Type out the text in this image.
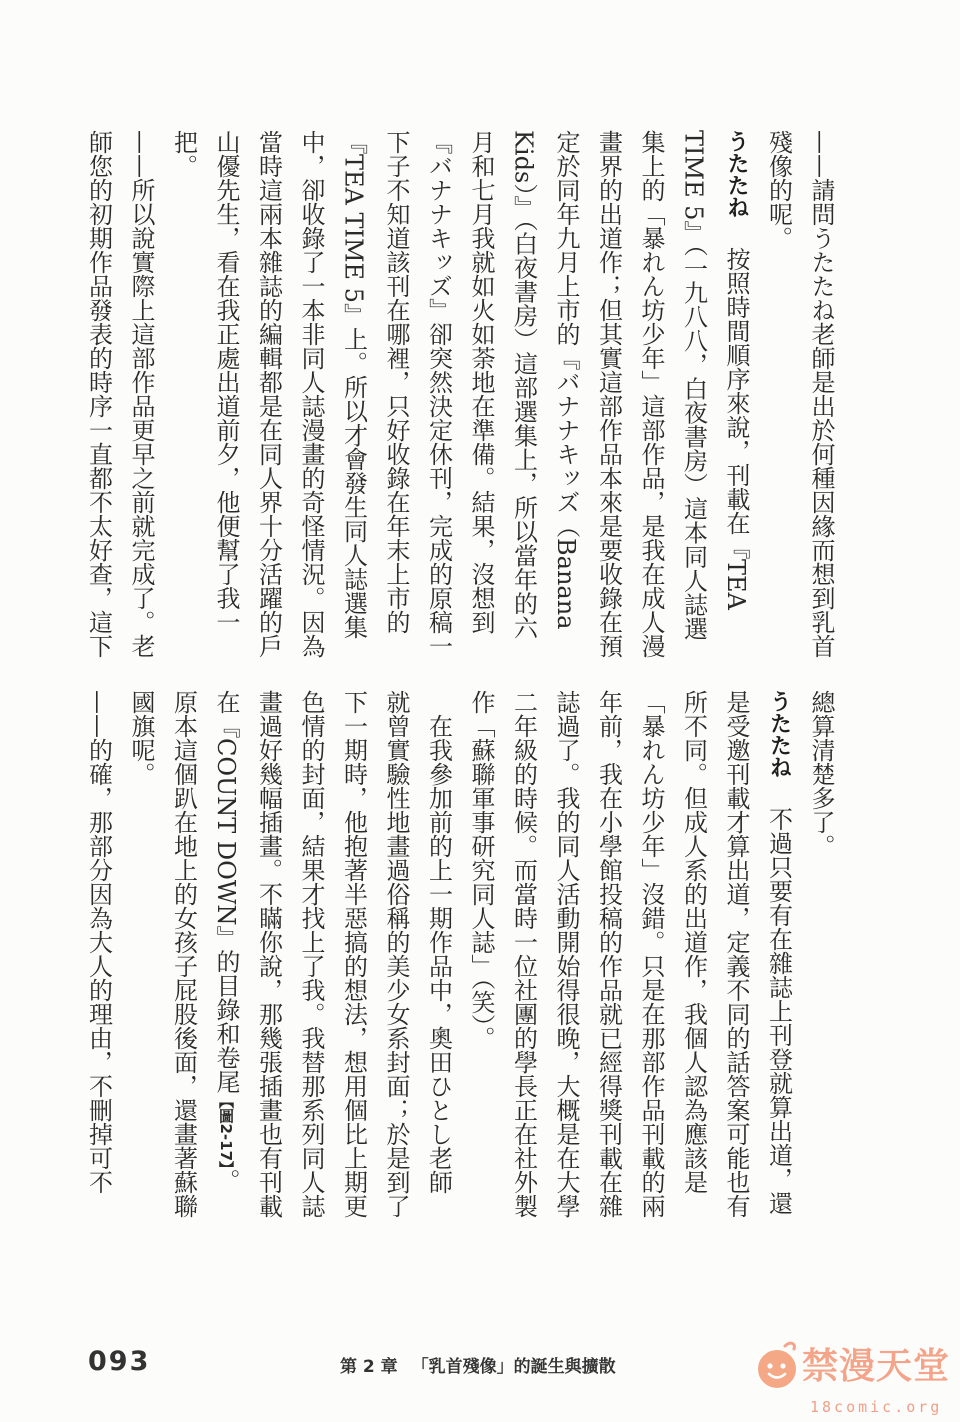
——請問うたたね老師是出於何種因緣而想到乳首
殘像的呢。
うたたね按照時間順序來說，刊載在『TEA
TIME 5』（一九八八，白夜書房）這本同人誌選
集上的「暴れん坊少年」這部作品，是我在成人漫
畫界的出道作；但其實這部作品本來是要收錄在預
定於同年九月上市的『バナナキッズ（Banana
Kids）』（白夜書房）這部選集上，所以當年的六
月和七月我就如火如荼地在準備。結果，沒想到
『バナナキッズ』卻突然決定休刊，完成的原稿一
下子不知道該刊在哪裡，只好收錄在年末上市的
『TEA TIME 5』上。所以才會發生同人誌選集
中，卻收錄了一本非同人誌漫畫的奇怪情況。因為
當時這兩本雜誌的編輯都是在同人界十分活躍的戶
山優先生，看在我正處出道前夕，他便幫了我一
把。
——所以說實際上這部作品更早之前就完成了。老
師您的初期作品發表的時序一直都不太好查，這下
總算清楚多了。
うたたね不過只要有在雜誌上刊登就算出道，還
是受邀刊載才算出道，定義不同的話答案可能也有
所不同。但成人系的出道作，我個人認為應該是
「暴れん坊少年」沒錯。只是在那部作品刊載的兩
年前，我在小學館投稿的作品就已經得獎刊載在雜
誌過了。我的同人活動開始得很晚，大概是在大學
二年級的時候。而當時一位社團的學長正在社外製
作「蘇聯軍事研究同人誌」（笑）。
在我參加前的上一期作品中，奧田ひとし老師
就曾實驗性地畫過俗稱的美少女系封面；於是到了
下一期時，他抱著半惡搞的想法，想用個比上期更
色情的封面，結果才找上了我。我替那系列同人誌
畫過好幾幅插畫。不瞞你說，那幾張插畫也有刊載
在『COUNT DOWN』的目錄和卷尾【圖2-17】。
原本這個趴在地上的女孩子屁股後面，還畫著蘇聯
國旗呢。
——的確，那部分因為大人的理由，不刪掉可不
093	第 2 章 「乳首殘像」的誕生與擴散	禁漫天堂
18comic.org
